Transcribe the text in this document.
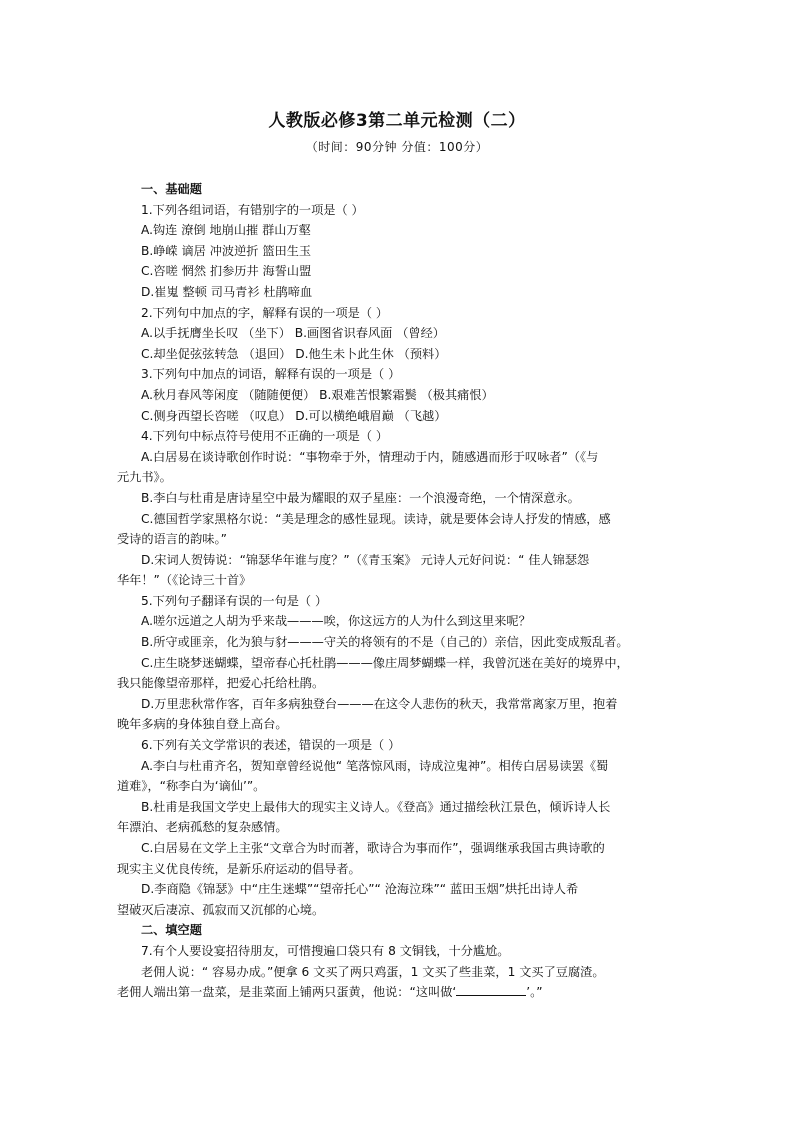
人教版必修3第二单元检测（二）
（时间：90分钟 分值：100分）
一、基础题
1.下列各组词语，有错别字的一项是（ ）
A.钩连 潦倒 地崩山摧 群山万壑
B.峥嵘 谪居 冲波逆折 篮田生玉
C.咨嗟 惘然 扪参历井 海誓山盟
D.崔嵬 整顿 司马青衫 杜鹃啼血
2.下列句中加点的字，解释有误的一项是（ ）
A.以手抚膺坐长叹 （坐下） B.画图省识春风面 （曾经）
C.却坐促弦弦转急 （退回） D.他生未卜此生休 （预料）
3.下列句中加点的词语，解释有误的一项是（ ）
A.秋月春风等闲度 （随随便便） B.艰难苦恨繁霜鬓 （极其痛恨）
C.侧身西望长咨嗟 （叹息） D.可以横绝峨眉巅 （飞越）
4.下列句中标点符号使用不正确的一项是（ ）
A.白居易在谈诗歌创作时说：“事物牵于外，情理动于内，随感遇而形于叹咏者”（《与
元九书》。
B.李白与杜甫是唐诗星空中最为耀眼的双子星座：一个浪漫奇绝，一个情深意永。
C.德国哲学家黑格尔说：“美是理念的感性显现。读诗，就是要体会诗人抒发的情感，感
受诗的语言的韵味。”
D.宋词人贺铸说：“锦瑟华年谁与度？”（《青玉案》 元诗人元好问说：“ 佳人锦瑟怨
华年！”（《论诗三十首》
5.下列句子翻译有误的一句是（ ）
A.嗟尔远道之人胡为乎来哉———唉，你这远方的人为什么到这里来呢？
B.所守或匪亲，化为狼与豺———守关的将领有的不是（自己的）亲信，因此变成叛乱者。
C.庄生晓梦迷蝴蝶，望帝春心托杜鹃———像庄周梦蝴蝶一样，我曾沉迷在美好的境界中，
我只能像望帝那样，把爱心托给杜鹃。
D.万里悲秋常作客，百年多病独登台———在这令人悲伤的秋天，我常常离家万里，抱着
晚年多病的身体独自登上高台。
6.下列有关文学常识的表述，错误的一项是（ ）
A.李白与杜甫齐名，贺知章曾经说他“ 笔落惊风雨，诗成泣鬼神”。相传白居易读罢《蜀
道难》，“称李白为‘谪仙’”。
B.杜甫是我国文学史上最伟大的现实主义诗人。《登高》通过描绘秋江景色，倾诉诗人长
年漂泊、老病孤愁的复杂感情。
C.白居易在文学上主张“文章合为时而著，歌诗合为事而作”，强调继承我国古典诗歌的
现实主义优良传统，是新乐府运动的倡导者。
D.李商隐《锦瑟》中“庄生迷蝶”“望帝托心”“ 沧海泣珠”“ 蓝田玉烟”烘托出诗人希
望破灭后凄凉、孤寂而又沉郁的心境。
二、填空题
7.有个人要设宴招待朋友，可惜搜遍口袋只有 8 文铜钱，十分尴尬。
老佣人说：“ 容易办成。”便拿 6 文买了两只鸡蛋，1 文买了些韭菜，1 文买了豆腐渣。
老佣人端出第一盘菜，是韭菜面上铺两只蛋黄，他说：“这叫做‘	’。”
